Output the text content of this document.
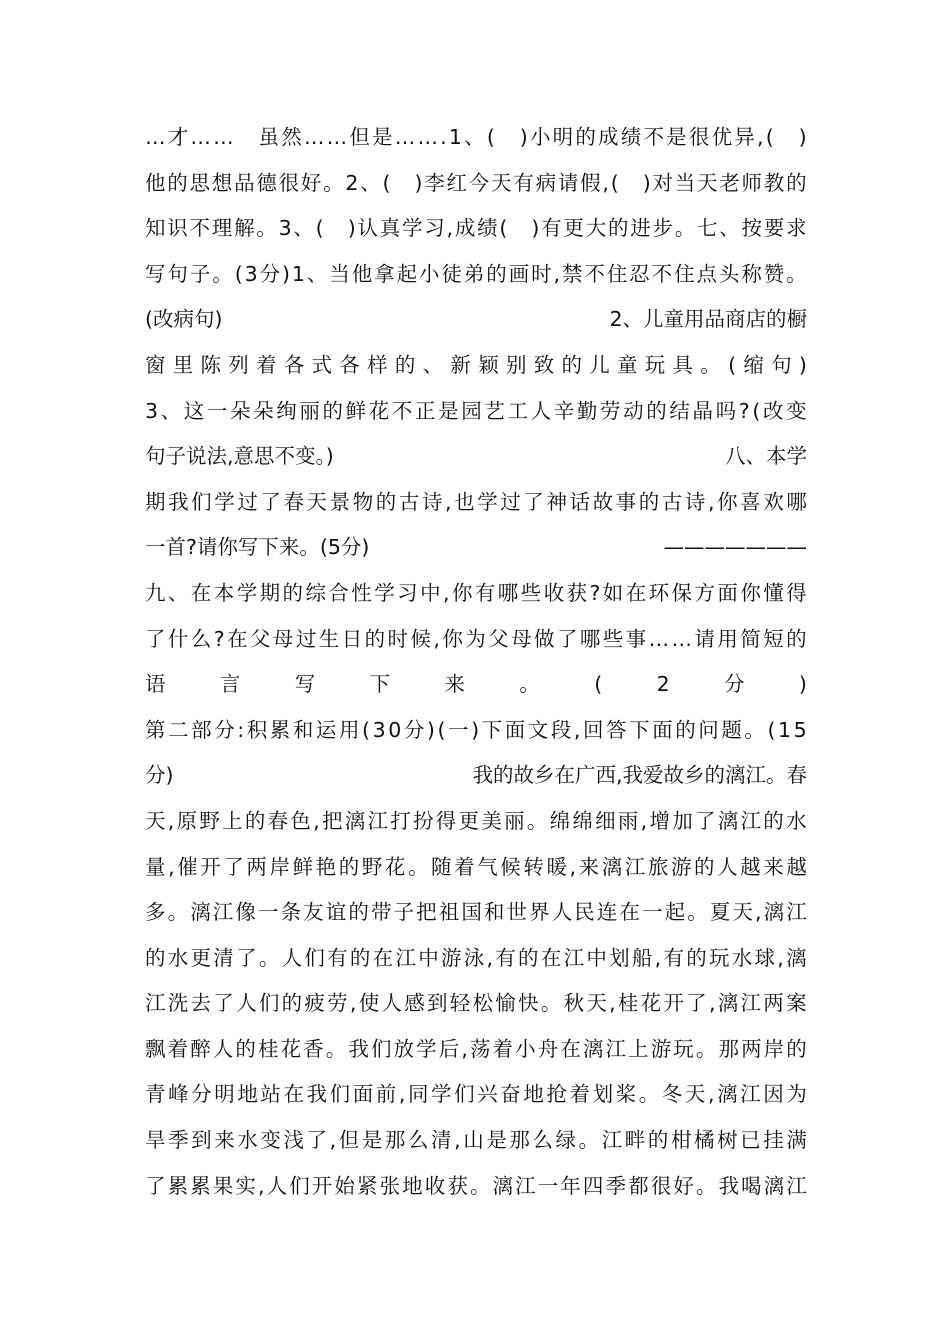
… 才 … …
　 虽 然 … … 但 是 … … . 1 、 (
　 ) 小 明 的 成 绩 不 是 很 优 异 , (
　 )
他 的 思 想 品 德 很 好 。 2 、 (
　 ) 李 红 今 天 有 病 请 假 , (
　 ) 对 当 天 老 师 教 的
知 识 不 理 解 。 3 、 (
　 ) 认 真 学 习 , 成 绩 (
　 ) 有 更 大 的 进 步 。 七 、 按 要 求
写 句 子 。 ( 3 分 ) 1 、 当 他 拿 起 小 徒 弟 的 画 时 , 禁 不 住 忍 不 住 点 头 称 赞 。
(改病句)	2、儿童用品商店的橱
窗 里 陈 列 着 各 式 各 样 的 、 新 颖 别 致 的 儿 童 玩 具 。 ( 缩 句 )
3 、 这 一 朵 朵 绚 丽 的 鲜 花 不 正 是 园 艺 工 人 辛 勤 劳 动 的 结 晶 吗 ? ( 改 变
句子说法,意思不变。)	八、本学
期 我 们 学 过 了 春 天 景 物 的 古 诗 , 也 学 过 了 神 话 故 事 的 古 诗 , 你 喜 欢 哪
一首?请你写下来。(5分)	———————
九 、 在 本 学 期 的 综 合 性 学 习 中 , 你 有 哪 些 收 获 ? 如 在 环 保 方 面 你 懂 得
了 什 么 ? 在 父 母 过 生 日 的 时 候 , 你 为 父 母 做 了 哪 些 事 … … 请 用 简 短 的
语	言	写	下	来	。	(	2	分	)
第 二 部 分 : 积 累 和 运 用 ( 3 0 分 ) ( 一 ) 下 面 文 段 , 回 答 下 面 的 问 题 。 ( 1 5
分)	我的故乡在广西,我爱故乡的漓江。春
天 , 原 野 上 的 春 色 , 把 漓 江 打 扮 得 更 美 丽 。 绵 绵 细 雨 , 增 加 了 漓 江 的 水
量 , 催 开 了 两 岸 鲜 艳 的 野 花 。 随 着 气 候 转 暖 , 来 漓 江 旅 游 的 人 越 来 越
多 。 漓 江 像 一 条 友 谊 的 带 子 把 祖 国 和 世 界 人 民 连 在 一 起 。 夏 天 , 漓 江
的 水 更 清 了 。 人 们 有 的 在 江 中 游 泳 , 有 的 在 江 中 划 船 , 有 的 玩 水 球 , 漓
江 洗 去 了 人 们 的 疲 劳 , 使 人 感 到 轻 松 愉 快 。 秋 天 , 桂 花 开 了 , 漓 江 两 案
飘 着 醉 人 的 桂 花 香 。 我 们 放 学 后 , 荡 着 小 舟 在 漓 江 上 游 玩 。 那 两 岸 的
青 峰 分 明 地 站 在 我 们 面 前 , 同 学 们 兴 奋 地 抢 着 划 桨 。 冬 天 , 漓 江 因 为
旱 季 到 来 水 变 浅 了 , 但 是 那 么 清 , 山 是 那 么 绿 。 江 畔 的 柑 橘 树 已 挂 满
了 累 累 果 实 , 人 们 开 始 紧 张 地 收 获 。 漓 江 一 年 四 季 都 很 好 。 我 喝 漓 江
